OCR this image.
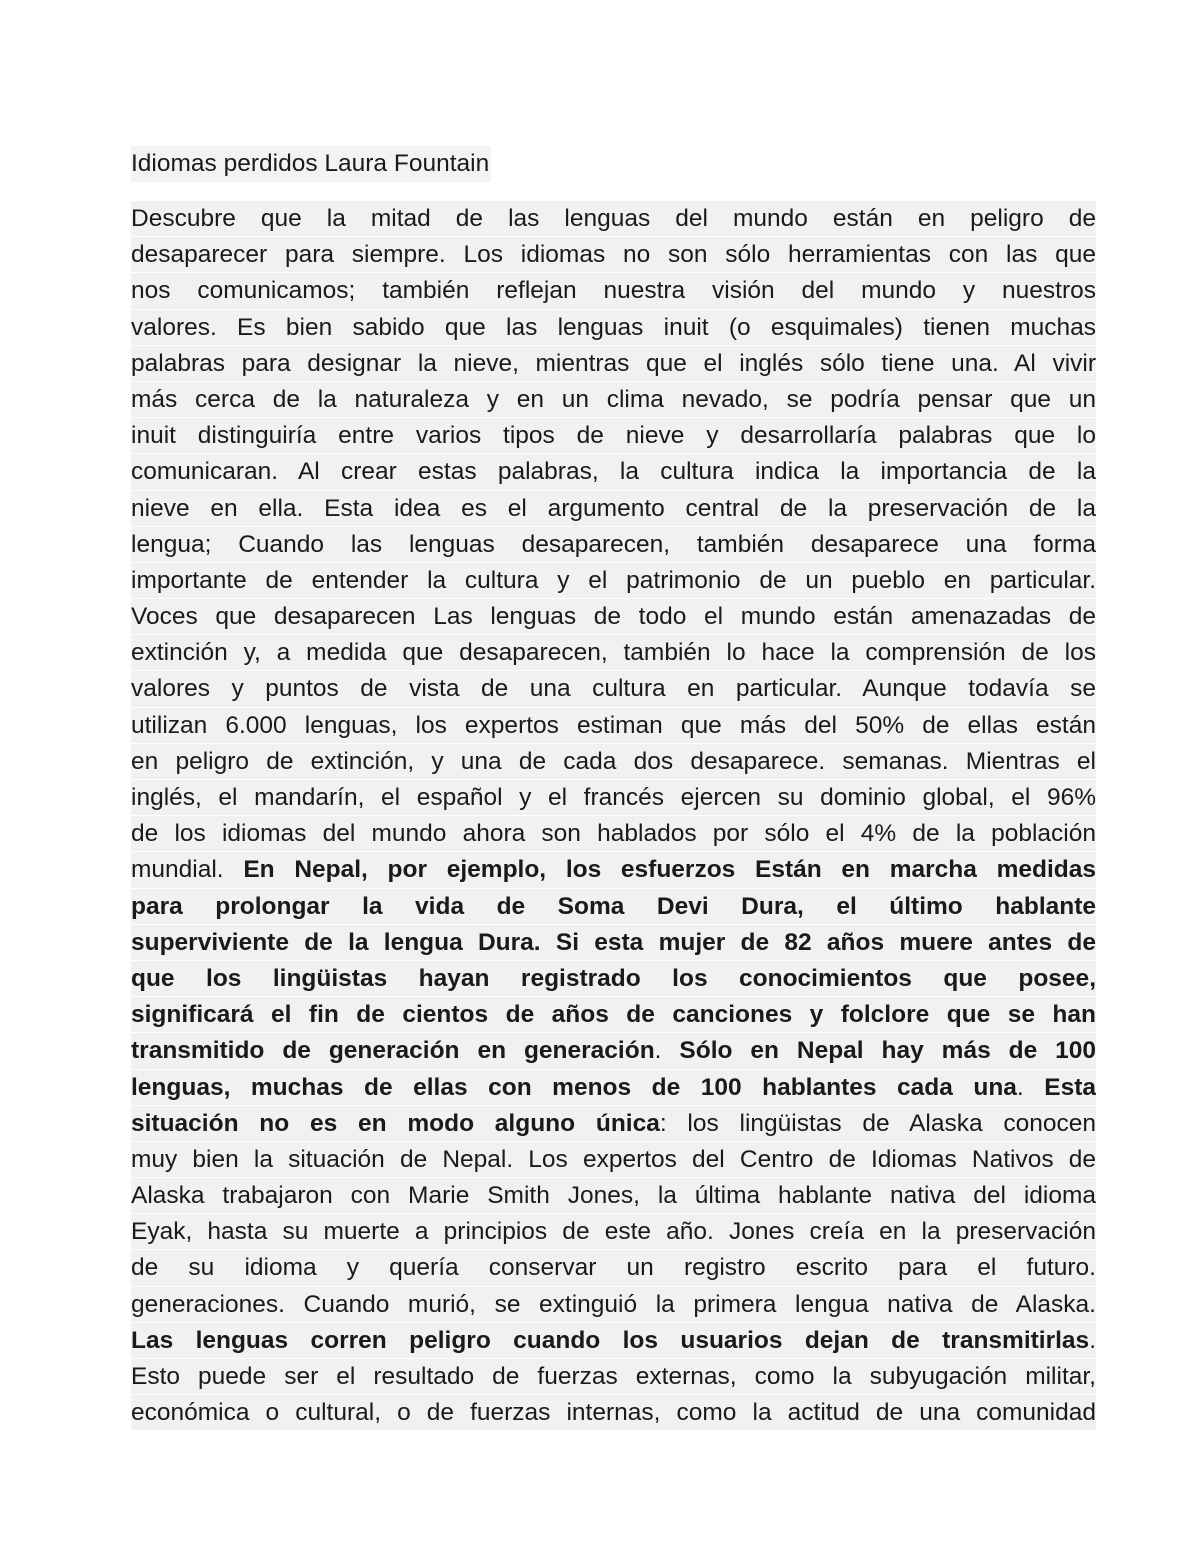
Idiomas perdidos Laura Fountain
Descubre que la mitad de las lenguas del mundo están en peligro de
desaparecer para siempre. Los idiomas no son sólo herramientas con las que
nos comunicamos; también reflejan nuestra visión del mundo y nuestros
valores. Es bien sabido que las lenguas inuit (o esquimales) tienen muchas
palabras para designar la nieve, mientras que el inglés sólo tiene una. Al vivir
más cerca de la naturaleza y en un clima nevado, se podría pensar que un
inuit distinguiría entre varios tipos de nieve y desarrollaría palabras que lo
comunicaran. Al crear estas palabras, la cultura indica la importancia de la
nieve en ella. Esta idea es el argumento central de la preservación de la
lengua; Cuando las lenguas desaparecen, también desaparece una forma
importante de entender la cultura y el patrimonio de un pueblo en particular.
Voces que desaparecen Las lenguas de todo el mundo están amenazadas de
extinción y, a medida que desaparecen, también lo hace la comprensión de los
valores y puntos de vista de una cultura en particular. Aunque todavía se
utilizan 6.000 lenguas, los expertos estiman que más del 50% de ellas están
en peligro de extinción, y una de cada dos desaparece. semanas. Mientras el
inglés, el mandarín, el español y el francés ejercen su dominio global, el 96%
de los idiomas del mundo ahora son hablados por sólo el 4% de la población
mundial. En Nepal, por ejemplo, los esfuerzos Están en marcha medidas
para prolongar la vida de Soma Devi Dura, el último hablante
superviviente de la lengua Dura. Si esta mujer de 82 años muere antes de
que los lingüistas hayan registrado los conocimientos que posee,
significará el fin de cientos de años de canciones y folclore que se han
transmitido de generación en generación. Sólo en Nepal hay más de 100
lenguas, muchas de ellas con menos de 100 hablantes cada una. Esta
situación no es en modo alguno única: los lingüistas de Alaska conocen
muy bien la situación de Nepal. Los expertos del Centro de Idiomas Nativos de
Alaska trabajaron con Marie Smith Jones, la última hablante nativa del idioma
Eyak, hasta su muerte a principios de este año. Jones creía en la preservación
de su idioma y quería conservar un registro escrito para el futuro.
generaciones. Cuando murió, se extinguió la primera lengua nativa de Alaska.
Las lenguas corren peligro cuando los usuarios dejan de transmitirlas.
Esto puede ser el resultado de fuerzas externas, como la subyugación militar,
económica o cultural, o de fuerzas internas, como la actitud de una comunidad
